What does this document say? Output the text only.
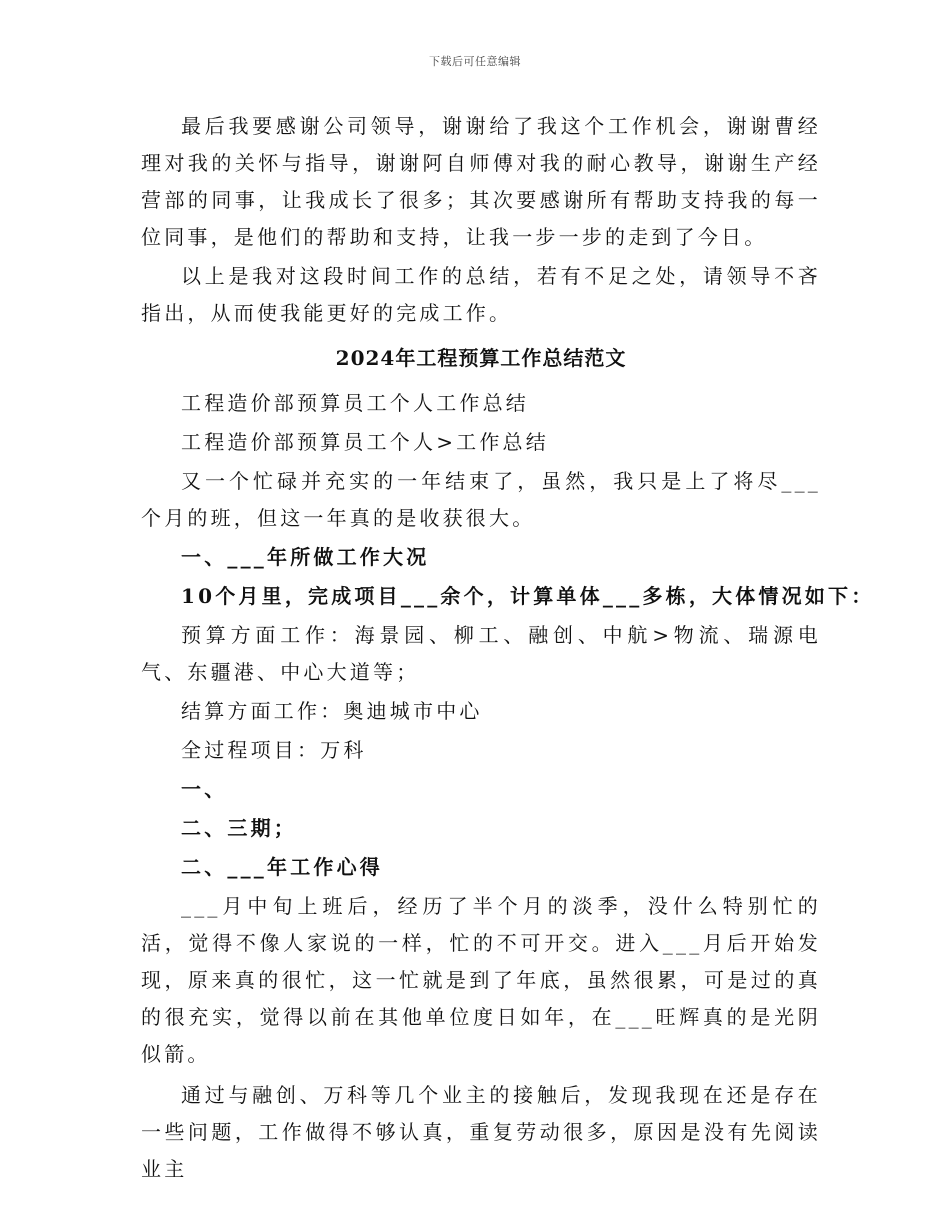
下载后可任意编辑

最后我要感谢公司领导，谢谢给了我这个工作机会，谢谢曹经理对我的关怀与指导，谢谢阿自师傅对我的耐心教导，谢谢生产经营部的同事，让我成长了很多；其次要感谢所有帮助支持我的每一位同事，是他们的帮助和支持，让我一步一步的走到了今日。

以上是我对这段时间工作的总结，若有不足之处，请领导不吝指出，从而使我能更好的完成工作。

2024年工程预算工作总结范文
工程造价部预算员工个人工作总结
工程造价部预算员工个人>工作总结

又一个忙碌并充实的一年结束了，虽然，我只是上了将尽___个月的班，但这一年真的是收获很大。

一、___年所做工作大况
10个月里，完成项目___余个，计算单体___多栋，大体情况如下：

预算方面工作：海景园、柳工、融创、中航>物流、瑞源电气、东疆港、中心大道等；

结算方面工作：奥迪城市中心
全过程项目：万科
一、
二、三期；
二、___年工作心得

___月中旬上班后，经历了半个月的淡季，没什么特别忙的活，觉得不像人家说的一样，忙的不可开交。进入___月后开始发现，原来真的很忙，这一忙就是到了年底，虽然很累，可是过的真的很充实，觉得以前在其他单位度日如年，在___旺辉真的是光阴似箭。

通过与融创、万科等几个业主的接触后，发现我现在还是存在一些问题，工作做得不够认真，重复劳动很多，原因是没有先阅读业主
